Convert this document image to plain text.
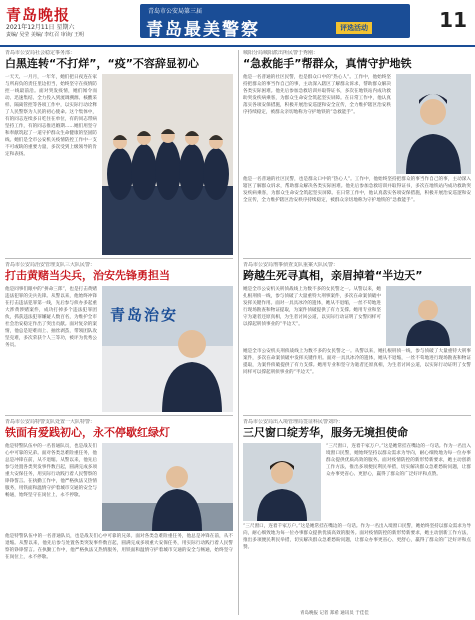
青岛晚报
2021年12月11日 星期六
责编/ 吴莹 美编/ 李红召 审读/ 王明
青岛市公安局第三届
青岛最美警察	评选活动	11
青岛市公安局社会稳定事务部：
白黑连转“不打烊”，“疫”不容辞显初心
一天天、一月月，一年年，她们把日夜连在家与所肩负的责任里边担当，始终坚守在疫情防控一线最前沿。面对突发疫情，她们闻令而动、迅速集结、全力投入到流调溯源、核酸采样、隔离管控等各项工作中，以实际行动诠释了人民警察为人民的初心使命。这个集体中，有的同志连续多日吃住在单位，有的同志带病坚持工作，有的同志推迟婚期……她们用坚守和奉献筑起了一道守护群众生命健康的坚固防线。她们是全市公安机关疫情防控工作中一支不可或缺的重要力量，多次受到上级领导的肯定和表扬。
城阳分局城阳派出所民警于秀刚：
“急救能手”帮群众，真情守护地铁
他是一名普通的社区民警，也是群众口中的“热心人”。工作中，他始终坚持把群众的事当作自己的事，主动深入辖区了解群众诉求，帮助群众解决各类实际困难。他先后参加急救培训并取得证书，多次在地铁站内成功救助突发疾病乘客，为群众生命安全筑起坚实屏障。在日常工作中，他认真落实各项安保措施，积极开展治安巡逻和安全宣传，全力维护辖区治安秩序持续稳定，被群众亲切地称为守护地铁的“急救能手”。
他是一名普通的社区民警，也是群众口中的“热心人”。工作中，他始终坚持把群众的事当作自己的事，主动深入辖区了解群众诉求，帮助群众解决各类实际困难。他先后参加急救培训并取得证书，多次在地铁站内成功救助突发疾病乘客，为群众生命安全筑起坚实屏障。在日常工作中，他认真落实各项安保措施，积极开展治安巡逻和安全宣传，全力维护辖区治安秩序持续稳定，被群众亲切地称为守护地铁的“急救能手”。
青岛市公安局治安管理支队三大队民警：
打击黄赌当尖兵，治安先锋勇担当
他是同事们眼中的“拼命三郎”，也是打击黄赌违法犯罪的尖兵先锋。从警以来，他始终冲锋在打击违法犯罪第一线，先后参与侦办多起重大涉黄涉赌案件，成功打掉多个违法犯罪团伙，抓获违法犯罪嫌疑人数百名，为维护全市社会治安稳定作出了突出贡献。面对复杂的案情，他总是迎难而上、抽丝剥茧，带领团队攻坚克难，多次荣获个人三等功，被评为优秀公务员。
青岛治安
青岛市公安局刑事侦查支队重案大队民警：
跨越生死寻真相，亲眉掉着“半边天”
她是全市公安机关刑侦战线上为数不多的女民警之一。从警以来，她扎根刑侦一线，参与侦破了大量重特大刑事案件，多次在命案侦破中发挥关键作用。面对一具具冰冷的遗体，她从不退缩，一丝不苟地进行现场勘查和物证提取，为案件侦破提供了有力支撑。她用专业和坚守为逝者还原真相，为生者讨回公道，以实际行动证明了女警同样可以撑起刑侦事业的“半边天”。
她是全市公安机关刑侦战线上为数不多的女民警之一。从警以来，她扎根刑侦一线，参与侦破了大量重特大刑事案件，多次在命案侦破中发挥关键作用。面对一具具冰冷的遗体，她从不退缩，一丝不苟地进行现场勘查和物证提取，为案件侦破提供了有力支撑。她用专业和坚守为逝者还原真相，为生者讨回公道，以实际行动证明了女警同样可以撑起刑侦事业的“半边天”。
青岛市公安局特警支队处置一大队特警：
铁面有爱践初心，永不停歇红绿灯
他是特警队伍中的一名普通队员，也是战友们心中可靠的兄弟。面对各类急难险重任务，他总是冲锋在前，从不退缩。从警以来，他先后参与处置各类突发事件数百起，圆满完成多项重大安保任务，用实际行动践行着人民警察的铮铮誓言。在执勤工作中，他严格执法又热情服务，用铁面和温情守护着城市交通的安全与畅通，始终坚守在岗位上，永不停歇。
他是特警队伍中的一名普通队员，也是战友们心中可靠的兄弟。面对各类急难险重任务，他总是冲锋在前，从不退缩。从警以来，他先后参与处置各类突发事件数百起，圆满完成多项重大安保任务，用实际行动践行着人民警察的铮铮誓言。在执勤工作中，他严格执法又热情服务，用铁面和温情守护着城市交通的安全与畅通，始终坚守在岗位上，永不停歇。
青岛市公安局出入境管理局签证科民警刘玲：
三尺窗口绽芳华，服务无境担使命
“三尺窗口，连着千家万户。”这是她常挂在嘴边的一句话。作为一名出入境窗口民警，她始终坚持以群众需求为导向，耐心细致地为每一位办事群众提供优质高效的服务。面对疫情防控的新形势新要求，她主动创新工作方法，推出多项便民利民举措，切实解决群众急难愁盼问题，让群众办事更省心、更舒心，赢得了群众的广泛好评和点赞。
“三尺窗口，连着千家万户。”这是她常挂在嘴边的一句话。作为一名出入境窗口民警，她始终坚持以群众需求为导向，耐心细致地为每一位办事群众提供优质高效的服务。面对疫情防控的新形势新要求，她主动创新工作方法，推出多项便民利民举措，切实解决群众急难愁盼问题，让群众办事更省心、更舒心，赢得了群众的广泛好评和点赞。
青岛晚报 记者 郑希 通讯员 于佳佳
